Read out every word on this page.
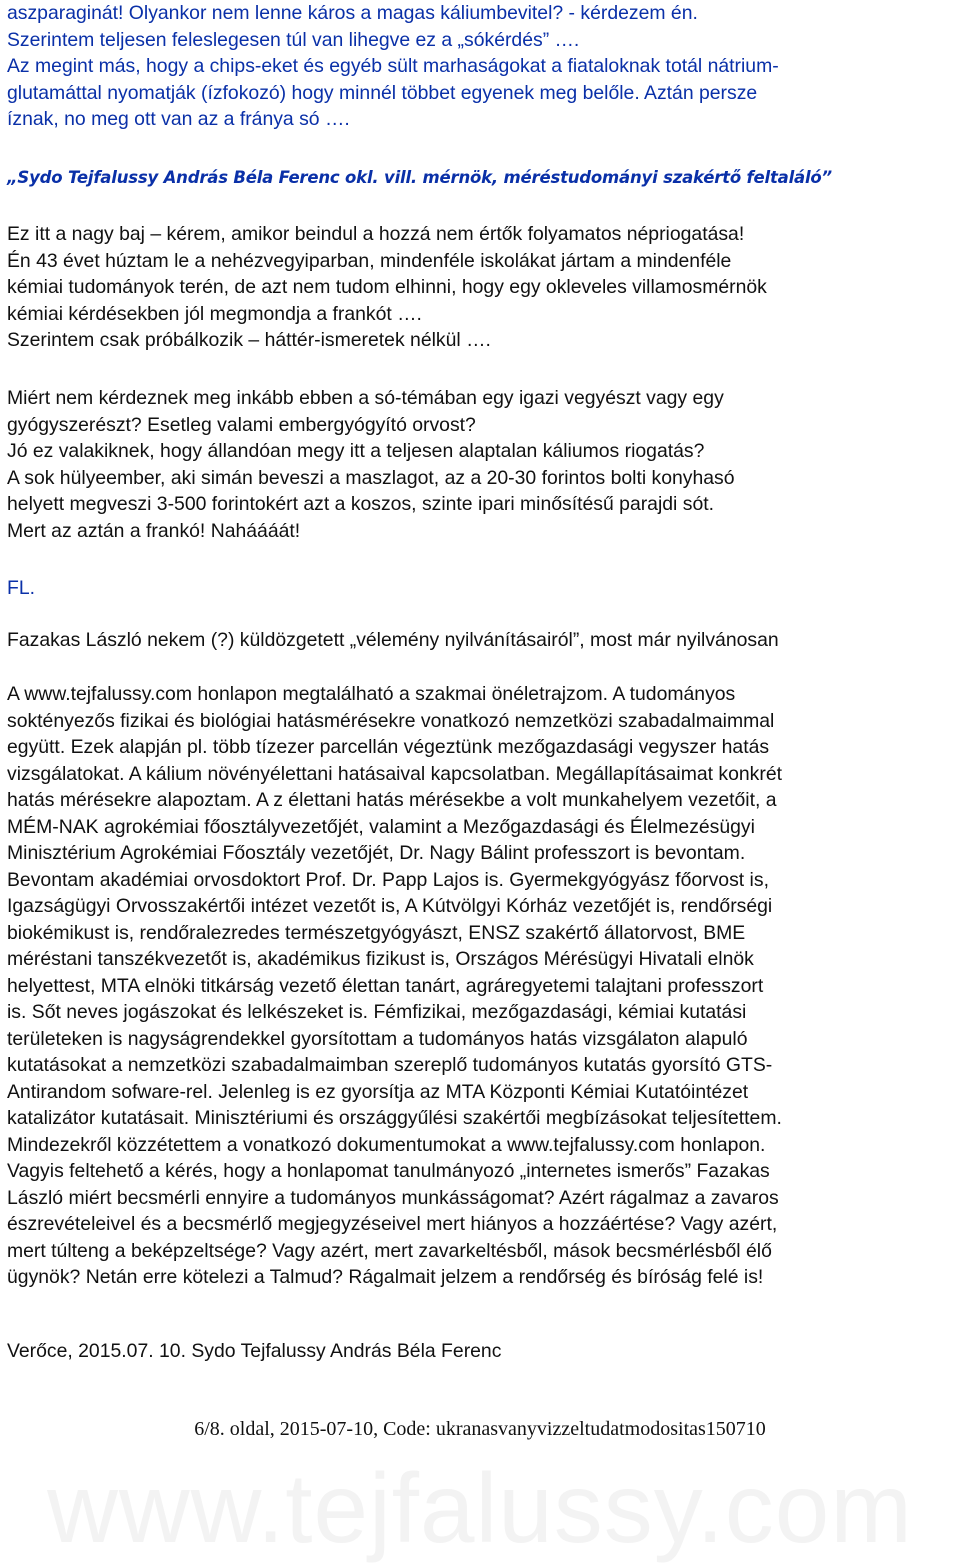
www.tejfalussy.com

aszparaginát! Olyankor nem lenne káros a magas káliumbevitel? - kérdezem én.
Szerintem teljesen feleslegesen túl van lihegve ez a „sókérdés” ….
Az megint más, hogy a chips-eket és egyéb sült marhaságokat a fiataloknak totál nátrium-
glutamáttal nyomatják (ízfokozó) hogy minnél többet egyenek meg belőle. Aztán persze
íznak, no meg ott van az a fránya só ….

„Sydo Tejfalussy András Béla Ferenc okl. vill. mérnök, méréstudományi szakértő feltaláló”

Ez itt a nagy baj – kérem, amikor beindul a hozzá nem értők folyamatos népriogatása!
Én 43 évet húztam le a nehézvegyiparban, mindenféle iskolákat jártam a mindenféle
kémiai tudományok terén, de azt nem tudom elhinni, hogy egy okleveles villamosmérnök
kémiai kérdésekben jól megmondja a frankót ….
Szerintem csak próbálkozik – háttér-ismeretek nélkül ….

Miért nem kérdeznek meg inkább ebben a só-témában egy igazi vegyészt vagy egy
gyógyszerészt? Esetleg valami embergyógyító orvost?
Jó ez valakiknek, hogy állandóan megy itt a teljesen alaptalan káliumos riogatás?
A sok hülyeember, aki simán beveszi a maszlagot, az a 20-30 forintos bolti konyhasó
helyett megveszi 3-500 forintokért azt a koszos, szinte ipari minősítésű parajdi sót.
Mert az aztán a frankó! Naháááát!

FL.

Fazakas László nekem (?) küldözgetett „vélemény nyilvánításairól”, most már nyilvánosan

A www.tejfalussy.com honlapon megtalálható a szakmai önéletrajzom. A tudományos
soktényezős fizikai és biológiai hatásmérésekre vonatkozó nemzetközi szabadalmaimmal
együtt. Ezek alapján pl. több tízezer parcellán végeztünk mezőgazdasági vegyszer hatás
vizsgálatokat. A kálium növényélettani hatásaival kapcsolatban. Megállapításaimat konkrét
hatás mérésekre alapoztam. A z élettani hatás mérésekbe a volt munkahelyem vezetőit, a
MÉM-NAK agrokémiai főosztályvezetőjét, valamint a Mezőgazdasági és Élelmezésügyi
Minisztérium Agrokémiai Főosztály vezetőjét, Dr. Nagy Bálint professzort is bevontam.
Bevontam akadémiai orvosdoktort Prof. Dr. Papp Lajos is. Gyermekgyógyász főorvost is,
Igazságügyi Orvosszakértői intézet vezetőt is, A Kútvölgyi Kórház vezetőjét is, rendőrségi
biokémikust is, rendőralezredes természetgyógyászt, ENSZ szakértő állatorvost, BME
méréstani tanszékvezetőt is, akadémikus fizikust is, Országos Mérésügyi Hivatali elnök
helyettest, MTA elnöki titkárság vezető élettan tanárt, agráregyetemi talajtani professzort
is. Sőt neves jogászokat és lelkészeket is. Fémfizikai, mezőgazdasági, kémiai kutatási
területeken is nagyságrendekkel gyorsítottam a tudományos hatás vizsgálaton alapuló
kutatásokat a nemzetközi szabadalmaimban szereplő tudományos kutatás gyorsító GTS-
Antirandom sofware-rel. Jelenleg is ez gyorsítja az MTA Központi Kémiai Kutatóintézet
katalizátor kutatásait. Minisztériumi és országgyűlési szakértői megbízásokat teljesítettem.
Mindezekről közzétettem a vonatkozó dokumentumokat a www.tejfalussy.com honlapon.
Vagyis feltehető a kérés, hogy a honlapomat tanulmányozó „internetes ismerős” Fazakas
László miért becsmérli ennyire a tudományos munkásságomat? Azért rágalmaz a zavaros
észrevételeivel és a becsmérlő megjegyzéseivel mert hiányos a hozzáértése? Vagy azért,
mert túlteng a beképzeltsége? Vagy azért, mert zavarkeltésből, mások becsmérlésből élő
ügynök? Netán erre kötelezi a Talmud? Rágalmait jelzem a rendőrség és bíróság felé is!

Verőce, 2015.07. 10. Sydo Tejfalussy András Béla Ferenc

6/8. oldal, 2015-07-10, Code: ukranasvanyvizzeltudatmodositas150710
